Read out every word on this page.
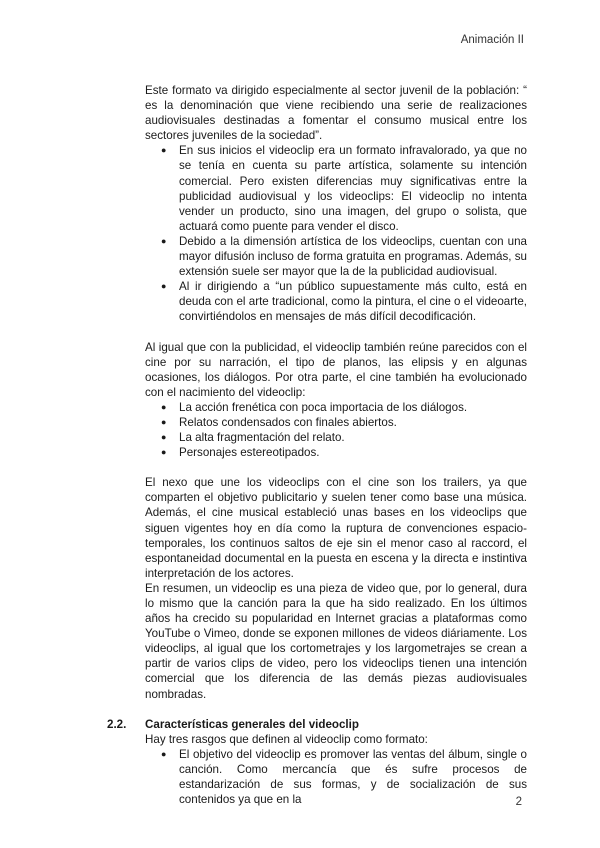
Animación II

Este formato va dirigido especialmente al sector juvenil de la población: “ es la denominación que viene recibiendo una serie de realizaciones audiovisuales destinadas a fomentar el consumo musical entre los sectores juveniles de la sociedad”.

● En sus inicios el videoclip era un formato infravalorado, ya que no se tenía en cuenta su parte artística, solamente su intención comercial. Pero existen diferencias muy significativas entre la publicidad audiovisual y los videoclips: El videoclip no intenta vender un producto, sino una imagen, del grupo o solista, que actuará como puente para vender el disco.
● Debido a la dimensión artística de los videoclips, cuentan con una mayor difusión incluso de forma gratuita en programas. Además, su extensión suele ser mayor que la de la publicidad audiovisual.
● Al ir dirigiendo a “un público supuestamente más culto, está en deuda con el arte tradicional, como la pintura, el cine o el videoarte, convirtiéndolos en mensajes de más difícil decodificación.

Al igual que con la publicidad, el videoclip también reúne parecidos con el cine por su narración, el tipo de planos, las elipsis y en algunas ocasiones, los diálogos. Por otra parte, el cine también ha evolucionado con el nacimiento del videoclip:

● La acción frenética con poca importacia de los diálogos.
● Relatos condensados con finales abiertos.
● La alta fragmentación del relato.
● Personajes estereotipados.

El nexo que une los videoclips con el cine son los trailers, ya que comparten el objetivo publicitario y suelen tener como base una música. Además, el cine musical estableció unas bases en los videoclips que siguen vigentes hoy en día como la ruptura de convenciones espacio-temporales, los continuos saltos de eje sin el menor caso al raccord, el espontaneidad documental en la puesta en escena y la directa e instintiva interpretación de los actores.

En resumen, un videoclip es una pieza de video que, por lo general, dura lo mismo que la canción para la que ha sido realizado. En los últimos años ha crecido su popularidad en Internet gracias a plataformas como YouTube o Vimeo, donde se exponen millones de videos diáriamente. Los videoclips, al igual que los cortometrajes y los largometrajes se crean a partir de varios clips de video, pero los videoclips tienen una intención comercial que los diferencia de las demás piezas audiovisuales nombradas.

2.2. Características generales del videoclip

Hay tres rasgos que definen al videoclip como formato:

● El objetivo del videoclip es promover las ventas del álbum, single o canción. Como mercancía que és sufre procesos de estandarización de sus formas, y de socialización de sus contenidos ya que en la	2
